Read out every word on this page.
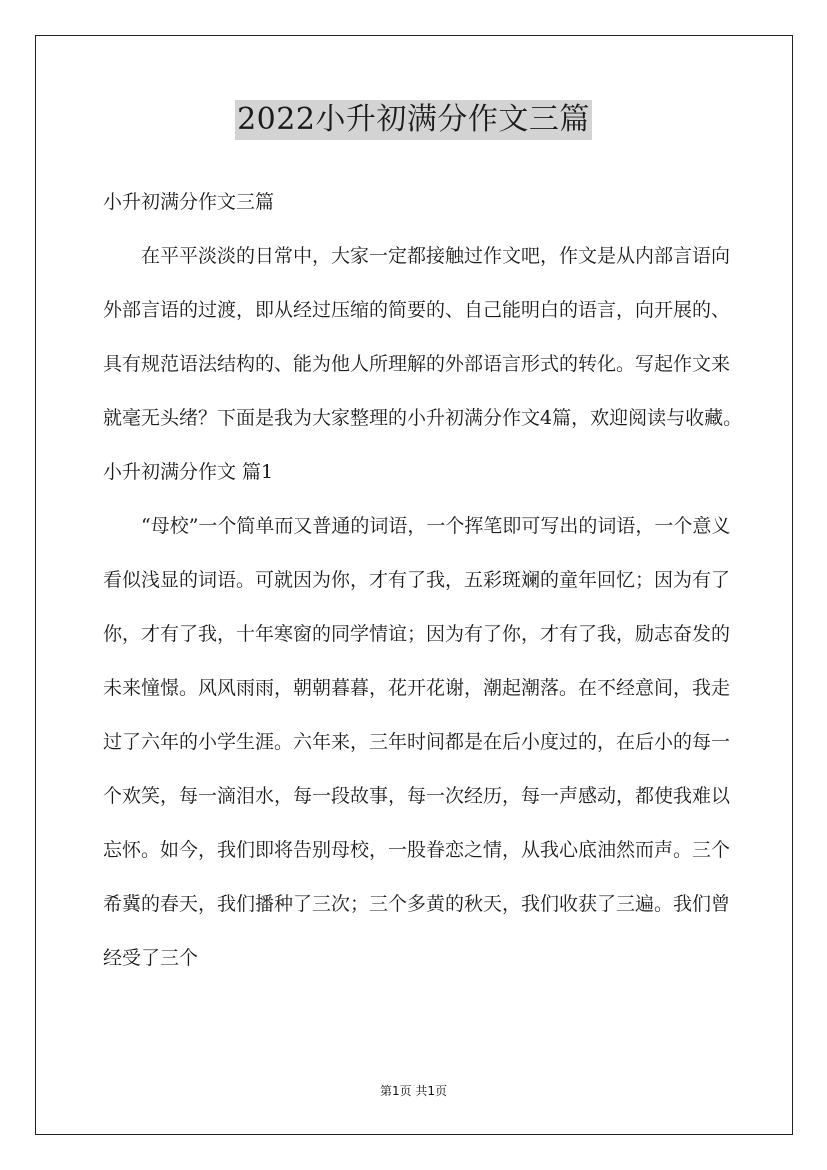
2022小升初满分作文三篇

小升初满分作文三篇

在平平淡淡的日常中，大家一定都接触过作文吧，作文是从内部言语向外部言语的过渡，即从经过压缩的简要的、自己能明白的语言，向开展的、具有规范语法结构的、能为他人所理解的外部语言形式的转化。写起作文来就毫无头绪？下面是我为大家整理的小升初满分作文4篇，欢迎阅读与收藏。

小升初满分作文 篇1

“母校”一个简单而又普通的词语，一个挥笔即可写出的词语，一个意义看似浅显的词语。可就因为你，才有了我，五彩斑斓的童年回忆；因为有了你，才有了我，十年寒窗的同学情谊；因为有了你，才有了我，励志奋发的未来憧憬。风风雨雨，朝朝暮暮，花开花谢，潮起潮落。在不经意间，我走过了六年的小学生涯。六年来，三年时间都是在后小度过的，在后小的每一个欢笑，每一滴泪水，每一段故事，每一次经历，每一声感动，都使我难以忘怀。如今，我们即将告别母校，一股眷恋之情，从我心底油然而声。三个希冀的春天，我们播种了三次；三个多黄的秋天，我们收获了三遍。我们曾经受了三个

第1页 共1页
